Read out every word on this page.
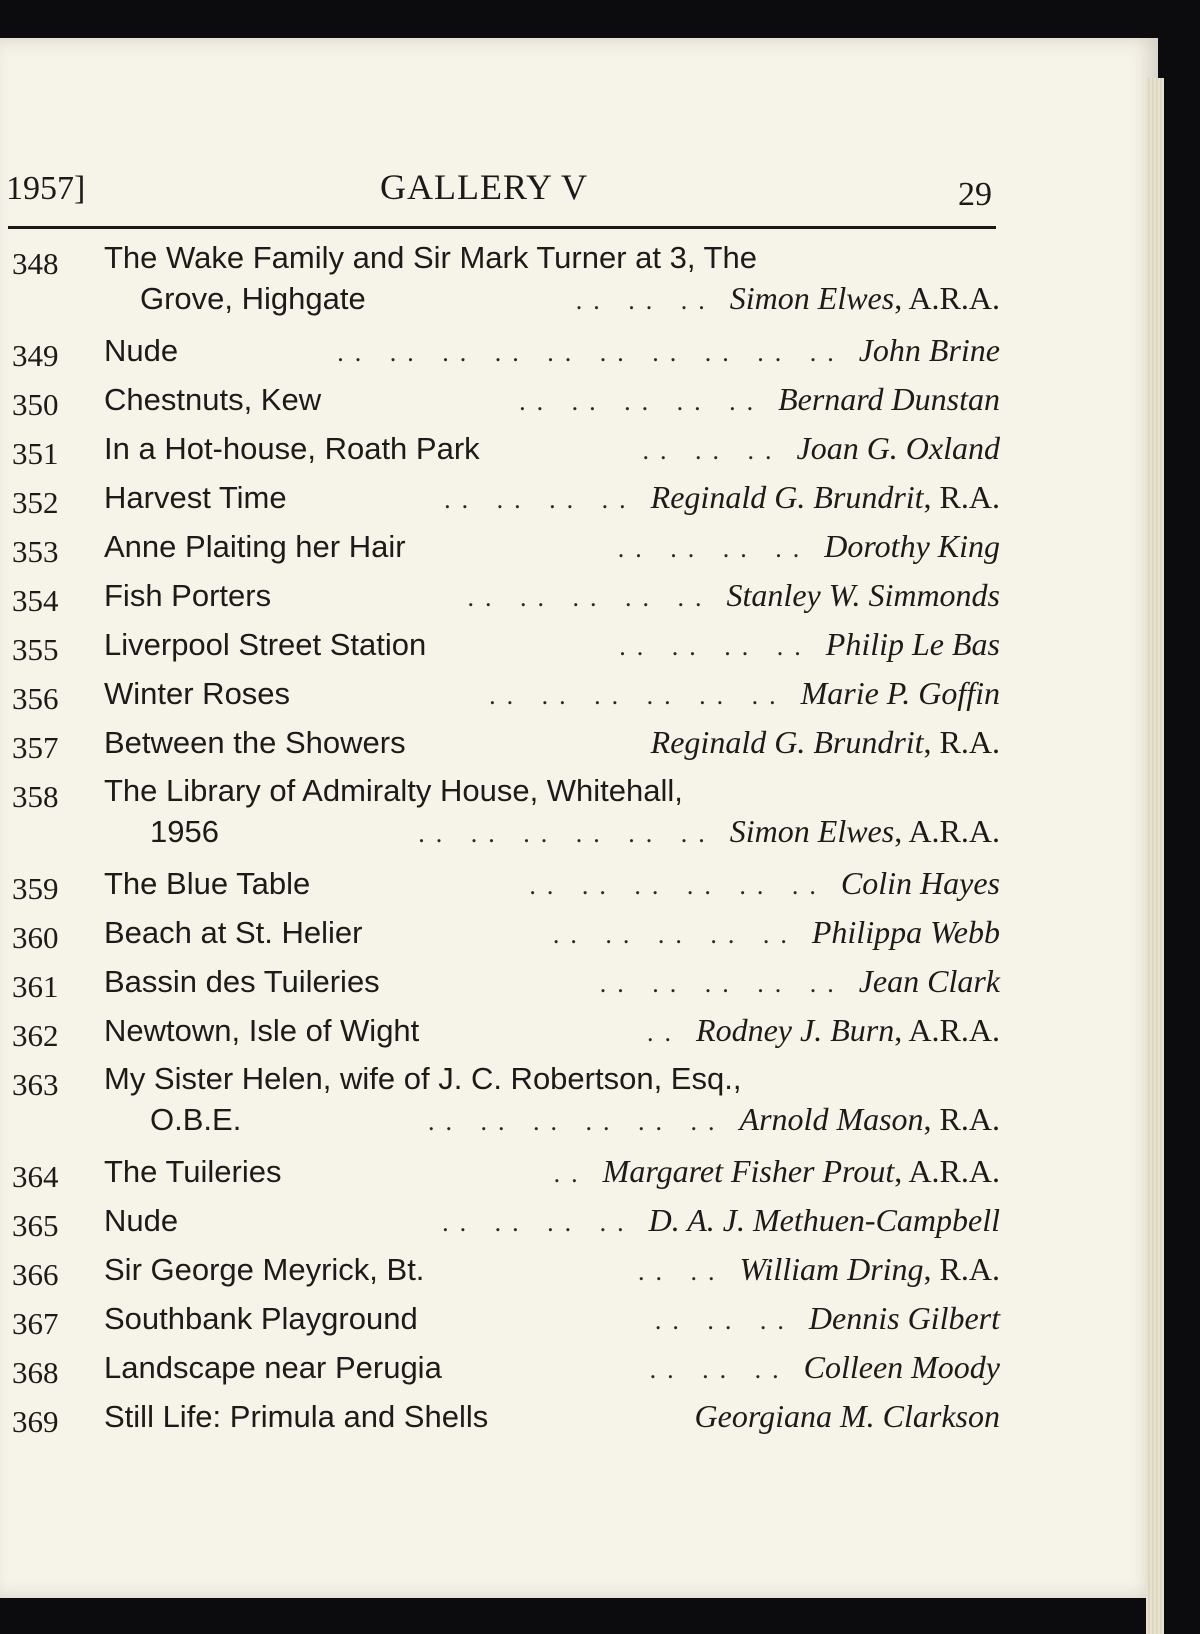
1957]	GALLERY V	29
348	The Wake Family and Sir Mark Turner at 3, The
Grove, Highgate	.. .. .. Simon Elwes , A.R.A.
349	Nude	.. .. .. .. .. .. .. .. .. .. John Brine
350	Chestnuts, Kew	.. .. .. .. .. Bernard Dunstan
351	In a Hot-house, Roath Park	.. .. .. Joan G. Oxland
352	Harvest Time	.. .. .. .. Reginald G. Brundrit , R.A.
353	Anne Plaiting her Hair	.. .. .. .. Dorothy King
354	Fish Porters	.. .. .. .. .. Stanley W. Simmonds
355	Liverpool Street Station	.. .. .. .. Philip Le Bas
356	Winter Roses	.. .. .. .. .. .. Marie P. Goffin
357	Between the Showers	Reginald G. Brundrit , R.A.
358	The Library of Admiralty House, Whitehall,
1956	.. .. .. .. .. .. Simon Elwes , A.R.A.
359	The Blue Table	.. .. .. .. .. .. Colin Hayes
360	Beach at St. Helier	.. .. .. .. .. Philippa Webb
361	Bassin des Tuileries	.. .. .. .. .. Jean Clark
362	Newtown, Isle of Wight	.. Rodney J. Burn , A.R.A.
363	My Sister Helen, wife of J. C. Robertson, Esq.,
O.B.E.	.. .. .. .. .. .. Arnold Mason , R.A.
364	The Tuileries	.. Margaret Fisher Prout , A.R.A.
365	Nude	.. .. .. .. D. A. J. Methuen-Campbell
366	Sir George Meyrick, Bt.	.. .. William Dring , R.A.
367	Southbank Playground	.. .. .. Dennis Gilbert
368	Landscape near Perugia	.. .. .. Colleen Moody
369	Still Life: Primula and Shells	Georgiana M. Clarkson
